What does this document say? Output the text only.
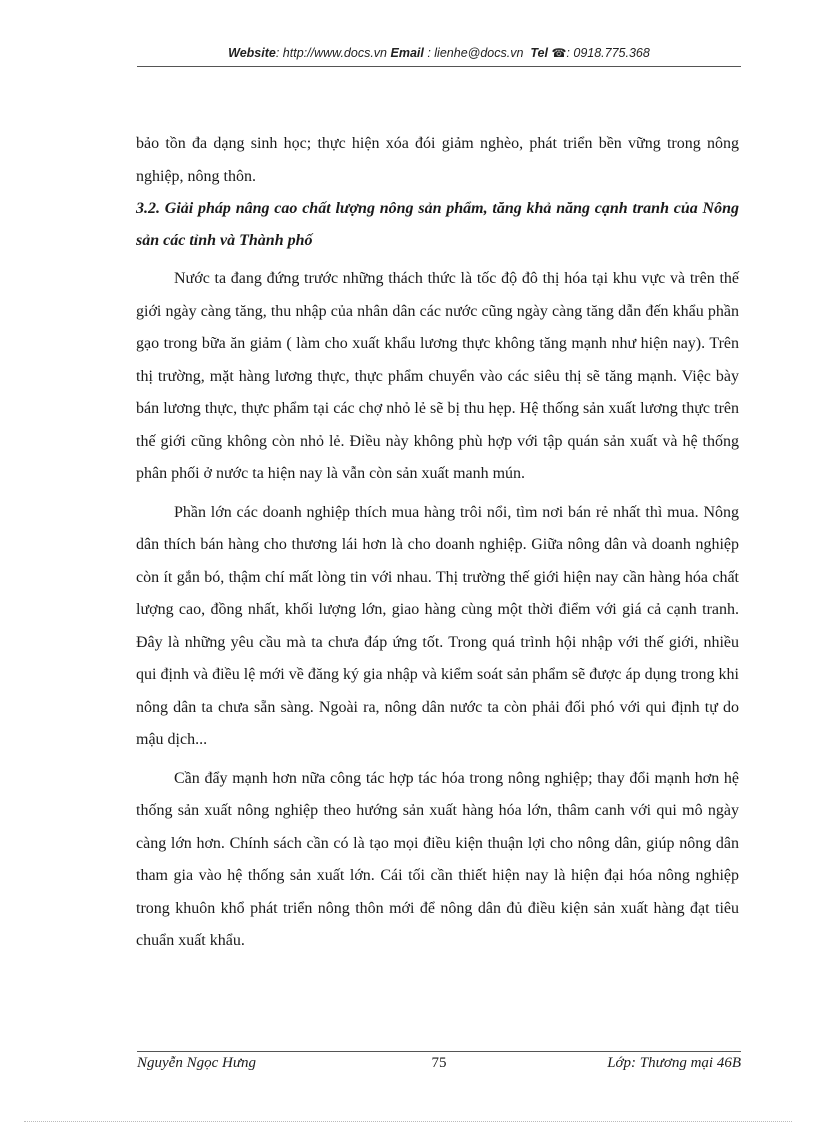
Website: http://www.docs.vn Email : lienhe@docs.vn Tel ☎: 0918.775.368

bảo tồn đa dạng sinh học; thực hiện xóa đói giảm nghèo, phát triển bền vững trong nông nghiệp, nông thôn.

3.2. Giải pháp nâng cao chất lượng nông sản phẩm, tăng khả năng cạnh tranh của Nông sản các tỉnh và Thành phố

Nước ta đang đứng trước những thách thức là tốc độ đô thị hóa tại khu vực và trên thế giới ngày càng tăng, thu nhập của nhân dân các nước cũng ngày càng tăng dẫn đến khẩu phần gạo trong bữa ăn giảm ( làm cho xuất khẩu lương thực không tăng mạnh như hiện nay). Trên thị trường, mặt hàng lương thực, thực phẩm chuyển vào các siêu thị sẽ tăng mạnh. Việc bày bán lương thực, thực phẩm tại các chợ nhỏ lẻ sẽ bị thu hẹp. Hệ thống sản xuất lương thực trên thế giới cũng không còn nhỏ lẻ. Điều này không phù hợp với tập quán sản xuất và hệ thống phân phối ở nước ta hiện nay là vẫn còn sản xuất manh mún.

Phần lớn các doanh nghiệp thích mua hàng trôi nổi, tìm nơi bán rẻ nhất thì mua. Nông dân thích bán hàng cho thương lái hơn là cho doanh nghiệp. Giữa nông dân và doanh nghiệp còn ít gắn bó, thậm chí mất lòng tin với nhau. Thị trường thế giới hiện nay cần hàng hóa chất lượng cao, đồng nhất, khối lượng lớn, giao hàng cùng một thời điểm với giá cả cạnh tranh. Đây là những yêu cầu mà ta chưa đáp ứng tốt. Trong quá trình hội nhập với thế giới, nhiều qui định và điều lệ mới về đăng ký gia nhập và kiểm soát sản phẩm sẽ được áp dụng trong khi nông dân ta chưa sẵn sàng. Ngoài ra, nông dân nước ta còn phải đối phó với qui định tự do mậu dịch...

Cần đẩy mạnh hơn nữa công tác hợp tác hóa trong nông nghiệp; thay đổi mạnh hơn hệ thống sản xuất nông nghiệp theo hướng sản xuất hàng hóa lớn, thâm canh với qui mô ngày càng lớn hơn. Chính sách cần có là tạo mọi điều kiện thuận lợi cho nông dân, giúp nông dân tham gia vào hệ thống sản xuất lớn. Cái tối cần thiết hiện nay là hiện đại hóa nông nghiệp trong khuôn khổ phát triển nông thôn mới để nông dân đủ điều kiện sản xuất hàng đạt tiêu chuẩn xuất khẩu.

Nguyễn Ngọc Hưng	75	Lớp: Thương mại 46B
